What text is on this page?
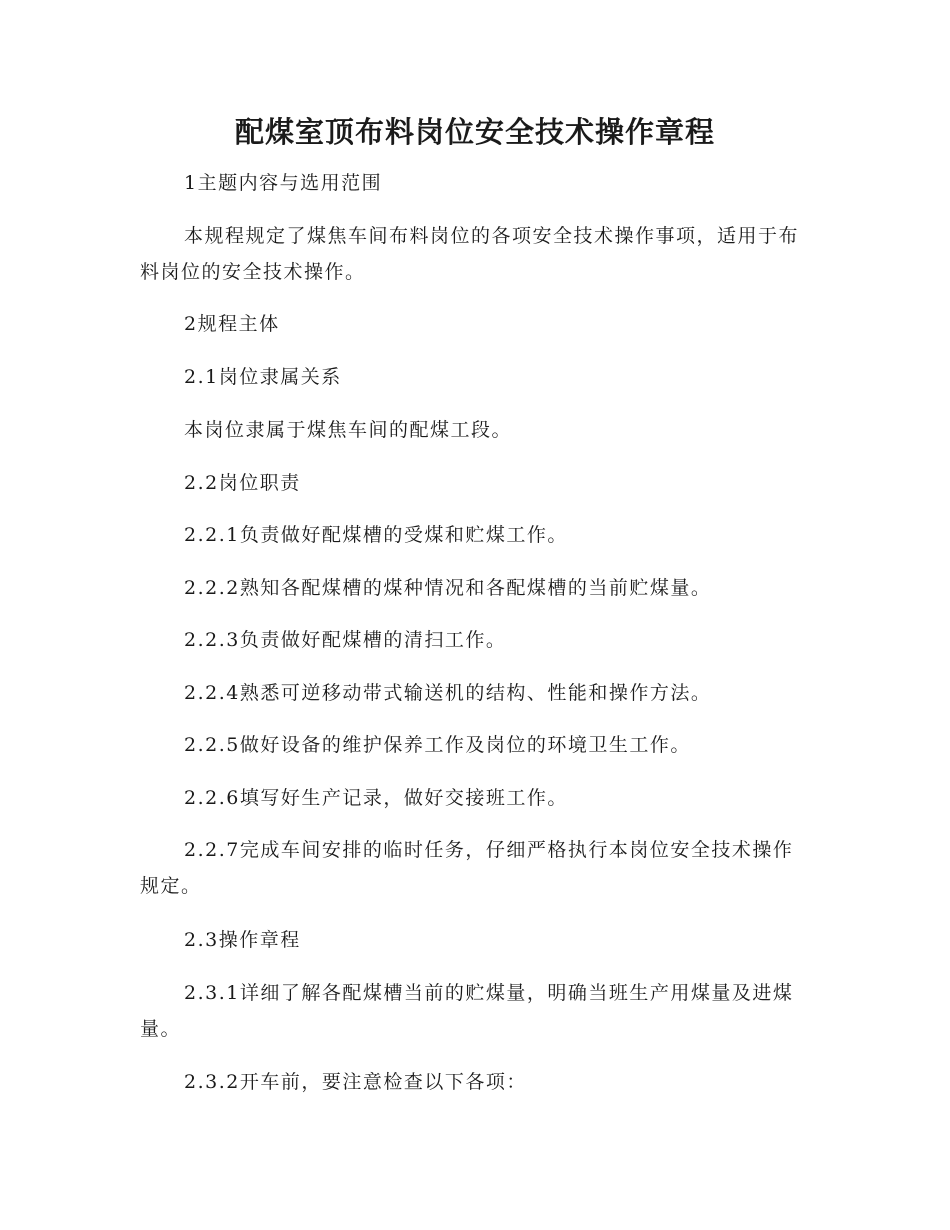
配煤室顶布料岗位安全技术操作章程

1主题内容与选用范围

本规程规定了煤焦车间布料岗位的各项安全技术操作事项，适用于布料岗位的安全技术操作。

2规程主体

2.1岗位隶属关系

本岗位隶属于煤焦车间的配煤工段。

2.2岗位职责

2.2.1负责做好配煤槽的受煤和贮煤工作。

2.2.2熟知各配煤槽的煤种情况和各配煤槽的当前贮煤量。

2.2.3负责做好配煤槽的清扫工作。

2.2.4熟悉可逆移动带式输送机的结构、性能和操作方法。

2.2.5做好设备的维护保养工作及岗位的环境卫生工作。

2.2.6填写好生产记录，做好交接班工作。

2.2.7完成车间安排的临时任务，仔细严格执行本岗位安全技术操作规定。

2.3操作章程

2.3.1详细了解各配煤槽当前的贮煤量，明确当班生产用煤量及进煤量。

2.3.2开车前，要注意检查以下各项：
